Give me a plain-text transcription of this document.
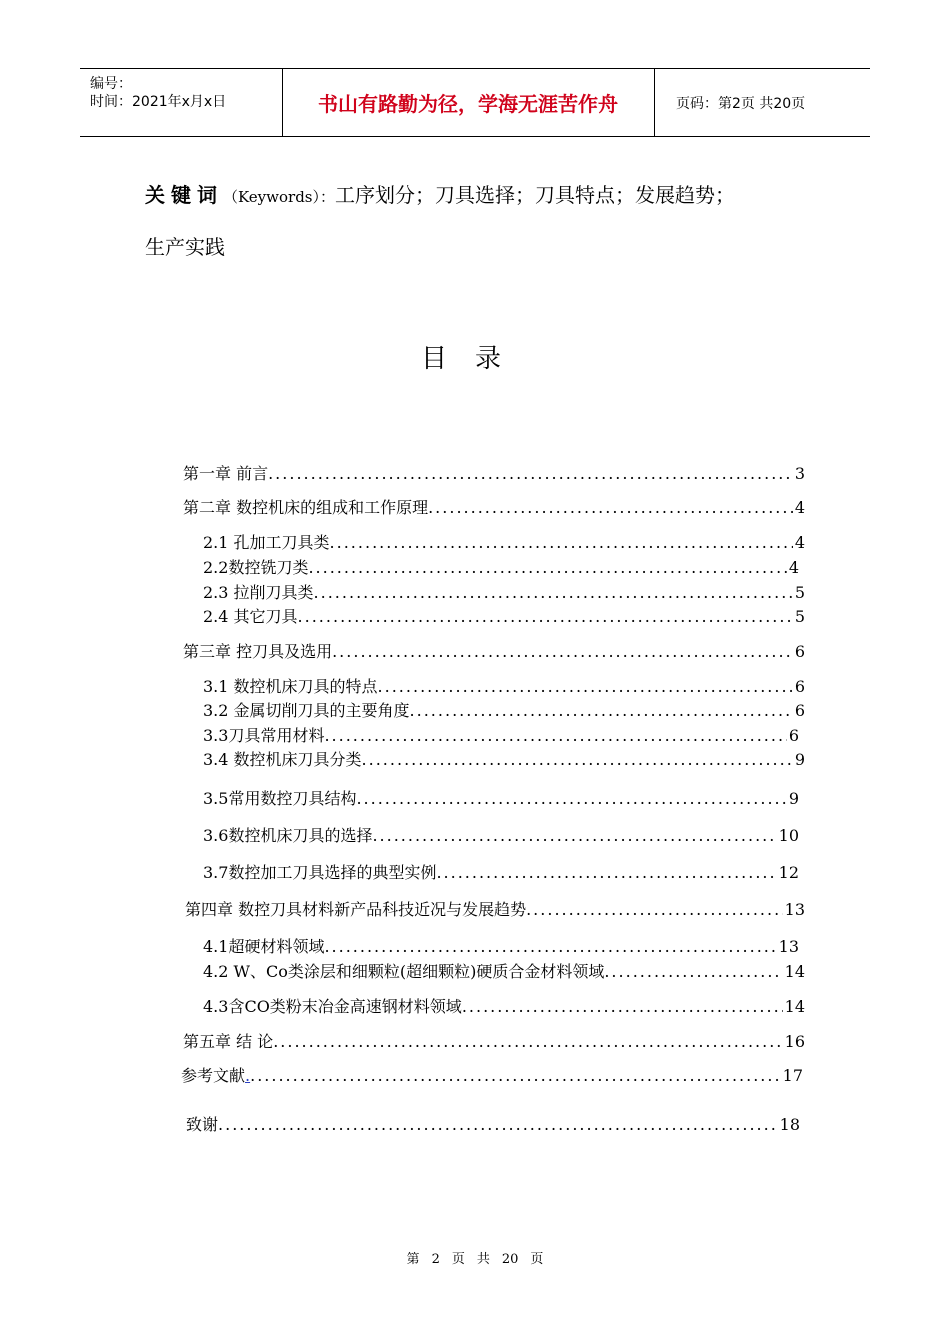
编号：
时间：2021年x月x日	书山有路勤为径，学海无涯苦作舟	页码：第2页 共20页
关键词（Keywords）：工序划分；刀具选择；刀具特点；发展趋势；
生产实践
目录
第一章 前言 .....	3
第二章 数控机床的组成和工作原理 .....	4
2.1 孔加工刀具类 .....	4
2.2数控铣刀类 .....	4
2.3 拉削刀具类 .....	5
2.4 其它刀具 .....	5
第三章 控刀具及选用 .....	6
3.1 数控机床刀具的特点 .....	6
3.2 金属切削刀具的主要角度 .....	6
3.3刀具常用材料 .....	6
3.4 数控机床刀具分类 .....	9
3.5常用数控刀具结构 .....	9
3.6数控机床刀具的选择 .....	10
3.7数控加工刀具选择的典型实例 .....	12
第四章 数控刀具材料新产品科技近况与发展趋势 .....	13
4.1超硬材料领域 .....	13
4.2 W、Co类涂层和细颗粒(超细颗粒)硬质合金材料领域 .....	14
4.3含CO类粉末冶金高速钢材料领域 .....	14
第五章 结 论 .....	16
参考文献 . .....	17
致谢 .....	18
第 2 页 共 20 页
